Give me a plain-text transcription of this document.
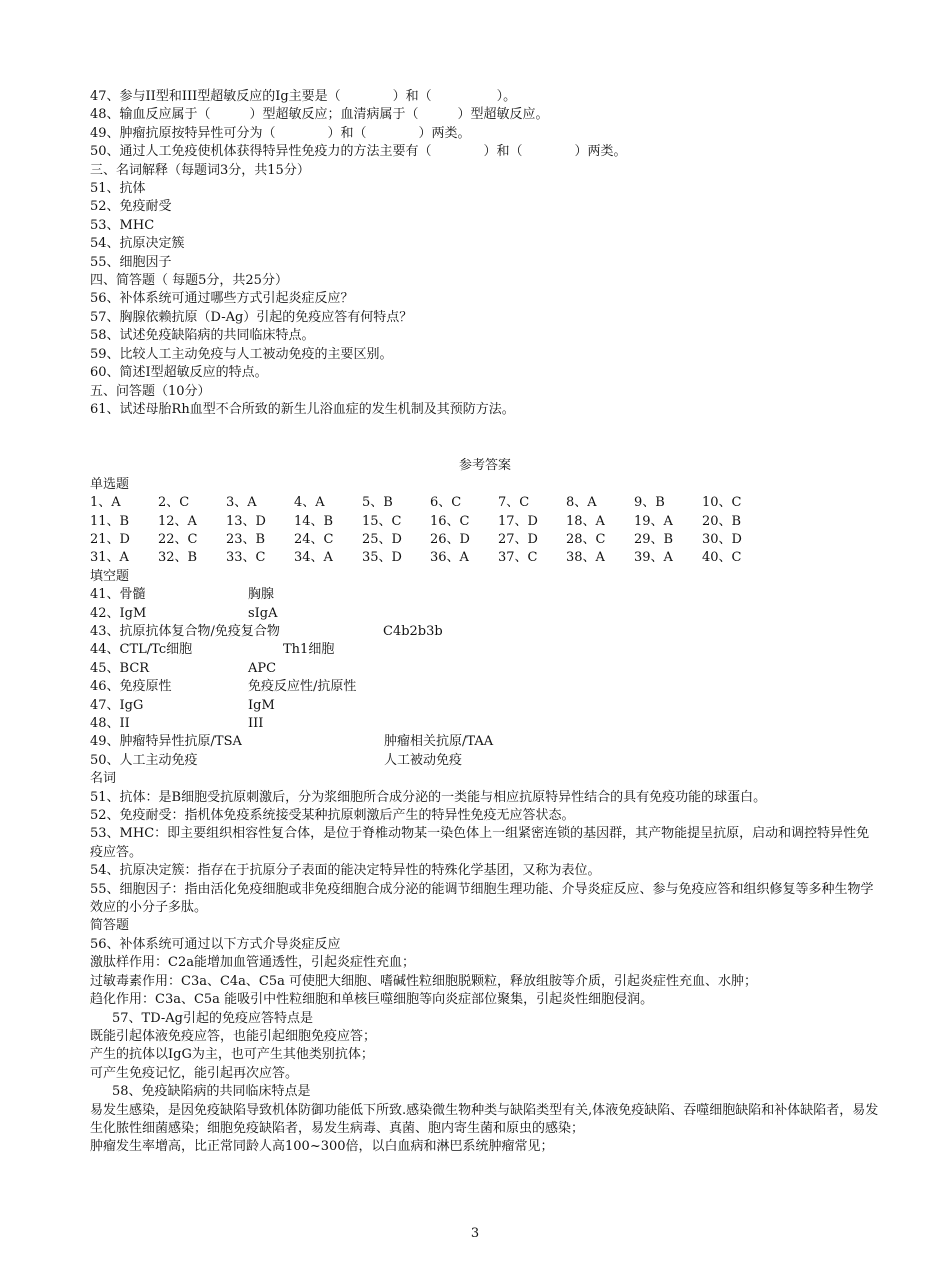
47、参与II型和III型超敏反应的Ig主要是（　　　　）和（　　　　　）。
48、输血反应属于（　　　）型超敏反应；血清病属于（　　　）型超敏反应。
49、肿瘤抗原按特异性可分为（　　　　）和（　　　　）两类。
50、通过人工免疫使机体获得特异性免疫力的方法主要有（　　　　）和（　　　　）两类。
三、名词解释（每题词3分，共15分）
51、抗体
52、免疫耐受
53、MHC
54、抗原决定簇
55、细胞因子
四、简答题（ 每题5分，共25分）
56、补体系统可通过哪些方式引起炎症反应？
57、胸腺依赖抗原（D-Ag）引起的免疫应答有何特点？
58、试述免疫缺陷病的共同临床特点。
59、比较人工主动免疫与人工被动免疫的主要区别。
60、简述I型超敏反应的特点。
五、问答题（10分）
61、试述母胎Rh血型不合所致的新生儿浴血症的发生机制及其预防方法。
参考答案
单选题
1、A	2、C	3、A	4、A	5、B	6、C	7、C	8、A	9、B	10、C
11、B	12、A	13、D	14、B	15、C	16、C	17、D	18、A	19、A	20、B
21、D	22、C	23、B	24、C	25、D	26、D	27、D	28、C	29、B	30、D
31、A	32、B	33、C	34、A	35、D	36、A	37、C	38、A	39、A	40、C
填空题
41、骨髓	胸腺
42、IgM	sIgA
43、抗原抗体复合物/免疫复合物	C4b2b3b
44、CTL/Tc细胞	Th1细胞
45、BCR	APC
46、免疫原性	免疫反应性/抗原性
47、IgG	IgM
48、II	III
49、肿瘤特异性抗原/TSA	肿瘤相关抗原/TAA
50、人工主动免疫	人工被动免疫
名词
51、抗体：是B细胞受抗原刺激后，分为浆细胞所合成分泌的一类能与相应抗原特异性结合的具有免疫功能的球蛋白。
52、免疫耐受：指机体免疫系统接受某种抗原刺激后产生的特异性免疫无应答状态。
53、MHC：即主要组织相容性复合体，是位于脊椎动物某一染色体上一组紧密连锁的基因群，其产物能提呈抗原，启动和调控特异性免疫应答。
54、抗原决定簇：指存在于抗原分子表面的能决定特异性的特殊化学基团，又称为表位。
55、细胞因子：指由活化免疫细胞或非免疫细胞合成分泌的能调节细胞生理功能、介导炎症反应、参与免疫应答和组织修复等多种生物学效应的小分子多肽。
简答题
56、补体系统可通过以下方式介导炎症反应
激肽样作用：C2a能增加血管通透性，引起炎症性充血；
过敏毒素作用：C3a、C4a、C5a 可使肥大细胞、嗜碱性粒细胞脱颗粒，释放组胺等介质，引起炎症性充血、水肿；
趋化作用：C3a、C5a 能吸引中性粒细胞和单核巨噬细胞等向炎症部位聚集，引起炎性细胞侵润。
57、TD-Ag引起的免疫应答特点是
既能引起体液免疫应答，也能引起细胞免疫应答；
产生的抗体以IgG为主，也可产生其他类别抗体；
可产生免疫记忆，能引起再次应答。
58、免疫缺陷病的共同临床特点是
易发生感染，是因免疫缺陷导致机体防御功能低下所致.感染微生物种类与缺陷类型有关,体液免疫缺陷、吞噬细胞缺陷和补体缺陷者，易发生化脓性细菌感染；细胞免疫缺陷者，易发生病毒、真菌、胞内寄生菌和原虫的感染；
肿瘤发生率增高，比正常同龄人高100~300倍，以白血病和淋巴系统肿瘤常见；
3
